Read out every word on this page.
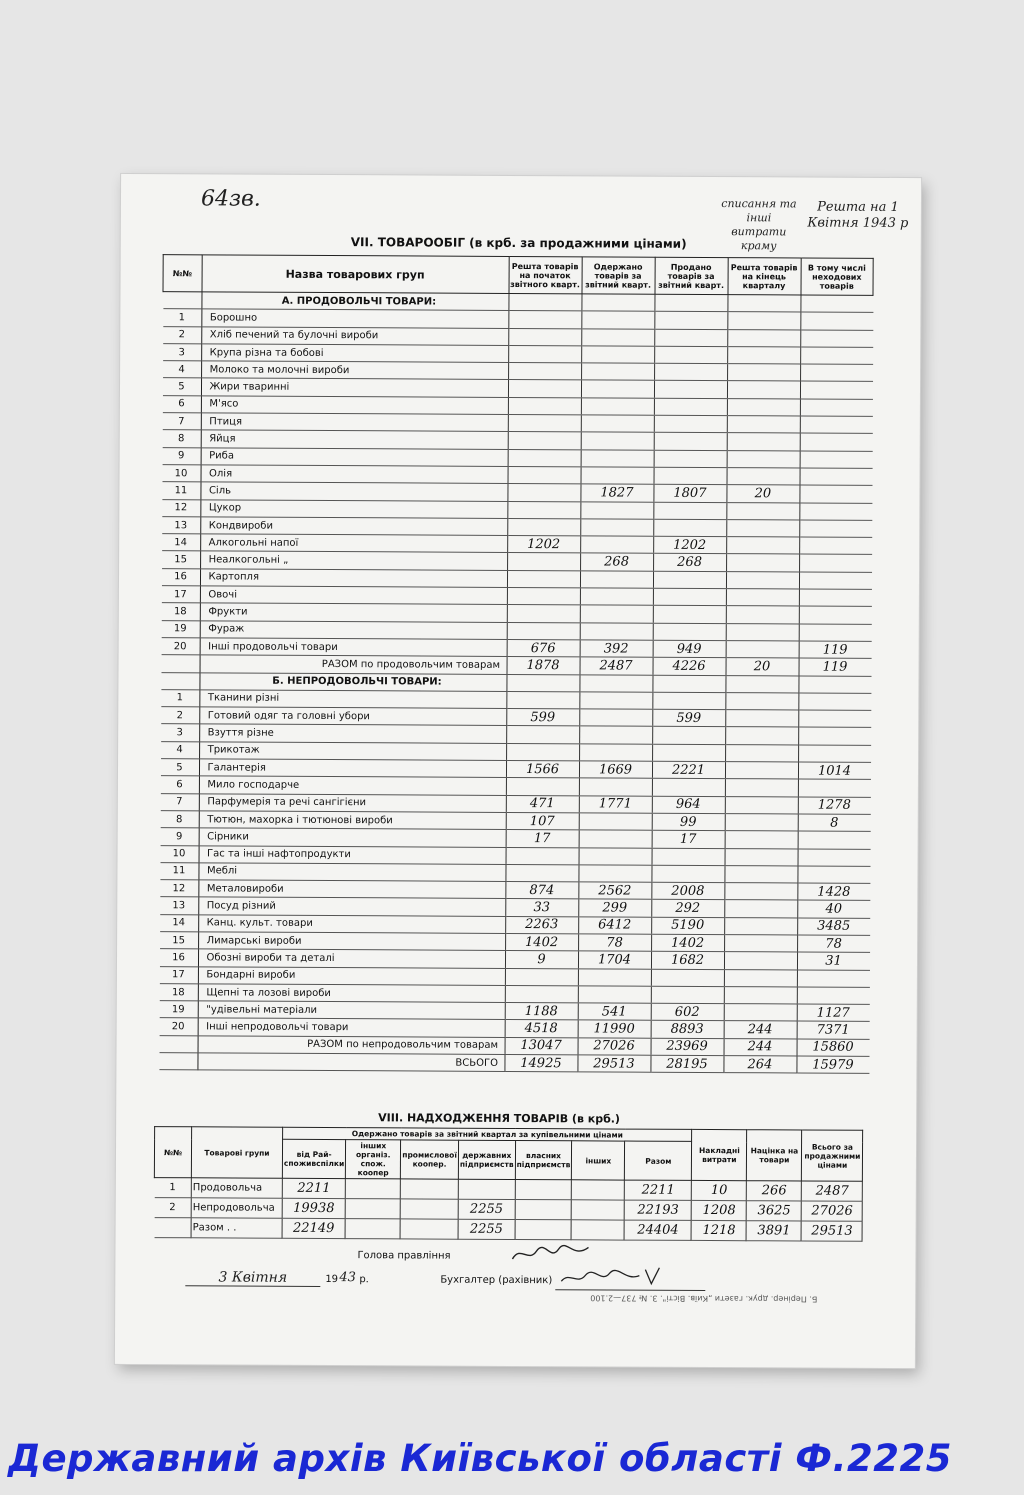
64зв.	списання та інші витрати краму
Решта на 1 Квітня 1943 р
VII. ТОВАРООБІГ (в крб. за продажними цінами)
№№	Назва товарових груп	Решта товарів на початок звітного кварт.	Одержано товарів за звітний кварт.	Продано товарів за звітний кварт.	Решта товарів на кінець кварталу	В тому числі неходових товарів
	А. ПРОДОВОЛЬЧІ ТОВАРИ:					
1	Борошно					
2	Хліб печений та булочні вироби					
3	Крупа різна та бобові					
4	Молоко та молочні вироби					
5	Жири тваринні					
6	М'ясо					
7	Птиця					
8	Яйця					
9	Риба					
10	Олія					
11	Сіль		1827	1807	20	
12	Цукор					
13	Кондвироби					
14	Алкогольні напої	1202		1202		
15	Неалкогольні „		268	268		
16	Картопля					
17	Овочі					
18	Фрукти					
19	Фураж					
20	Інші продовольчі товари	676	392	949		119
	РАЗОМ по продовольчим товарам	1878	2487	4226	20	119
	Б. НЕПРОДОВОЛЬЧІ ТОВАРИ:					
1	Тканини різні					
2	Готовий одяг та головні убори	599		599		
3	Взуття різне					
4	Трикотаж					
5	Галантерія	1566	1669	2221		1014
6	Мило господарче					
7	Парфумерія та речі сангігієни	471	1771	964		1278
8	Тютюн, махорка і тютюнові вироби	107		99		8
9	Сірники	17		17		
10	Гас та інші нафтопродукти					
11	Меблі					
12	Металовироби	874	2562	2008		1428
13	Посуд різний	33	299	292		40
14	Канц. культ. товари	2263	6412	5190		3485
15	Лимарські вироби	1402	78	1402		78
16	Обозні вироби та деталі	9	1704	1682		31
17	Бондарні вироби					
18	Щепні та лозові вироби					
19	"удівельні матеріали	1188	541	602		1127
20	Інші непродовольчі товари	4518	11990	8893	244	7371
	РАЗОМ по непродовольчим товарам	13047	27026	23969	244	15860
	ВСЬОГО	14925	29513	28195	264	15979
VIII. НАДХОДЖЕННЯ ТОВАРІВ (в крб.)
№№	Товарові групи	Одержано товарів за звітний квартал за купівельними цінами							Накладні витрати	Націнка на товари	Всього за продажними цінами
		від Рай-споживспілки	інших організ. спож. коопер	промислової коопер.	державних підприємств	власних підприємств	інших	Разом			
1	Продовольча	2211						2211	10	266	2487
2	Непродовольча	19938			2255			22193	1208	3625	27026
	Разом . .	22149			2255			24404	1218	3891	29513
Голова правління
3 Квітня	19 43 р.	Бухгалтер (рахівник)
Б. Перінер. друк. газети „Київ. Вісті". З. № 737—2.100
Державний архів Київської області Ф.2225
